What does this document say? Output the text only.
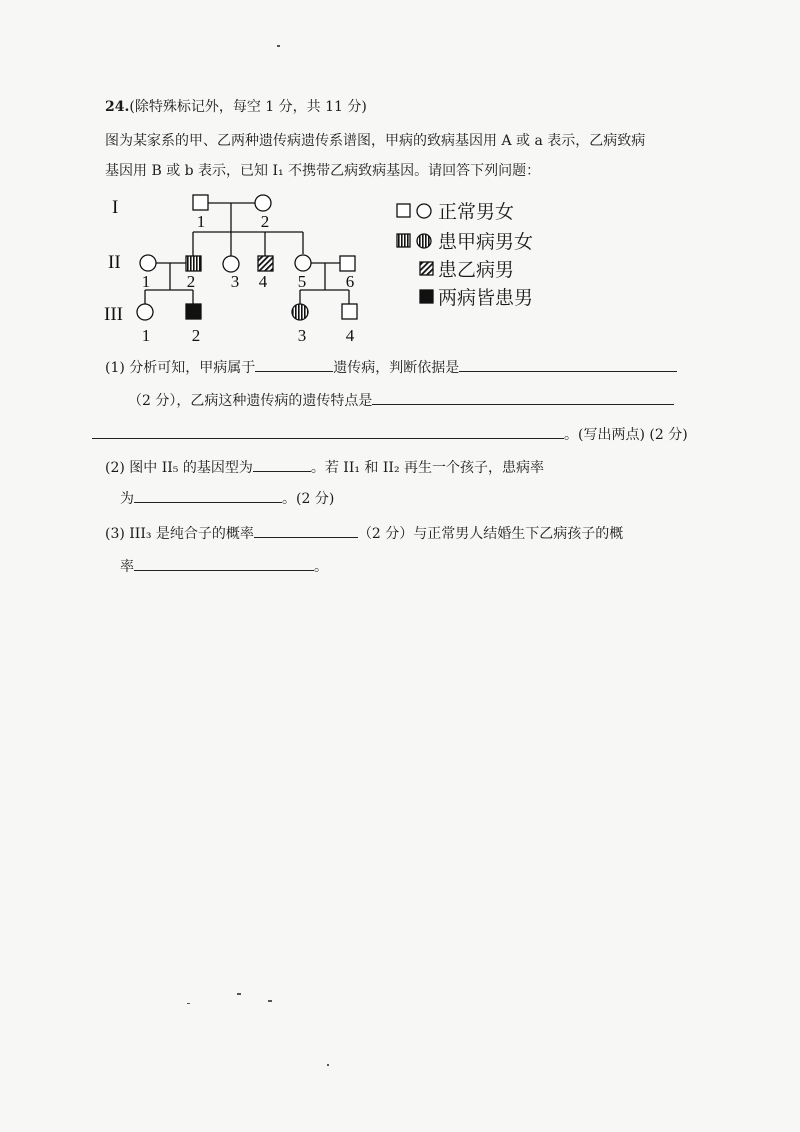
24.(除特殊标记外，每空 1 分，共 11 分)
图为某家系的甲、乙两种遗传病遗传系谱图，甲病的致病基因用 A 或 a 表示，乙病致病
基因用 B 或 b 表示，已知 I₁ 不携带乙病致病基因。请回答下列问题：
I
II
III
1	2
1 2 3 4 5 6
1 2	3 4
正常男女
患甲病男女
患乙病男
两病皆患男
(1) 分析可知，甲病属于	遗传病，判断依据是
（2 分），乙病这种遗传病的遗传特点是
。(写出两点) (2 分)
(2) 图中 II₅ 的基因型为	。若 II₁ 和 II₂ 再生一个孩子，患病率
为	。(2 分)
(3) III₃ 是纯合子的概率	（2 分）与正常男人结婚生下乙病孩子的概
率	。
